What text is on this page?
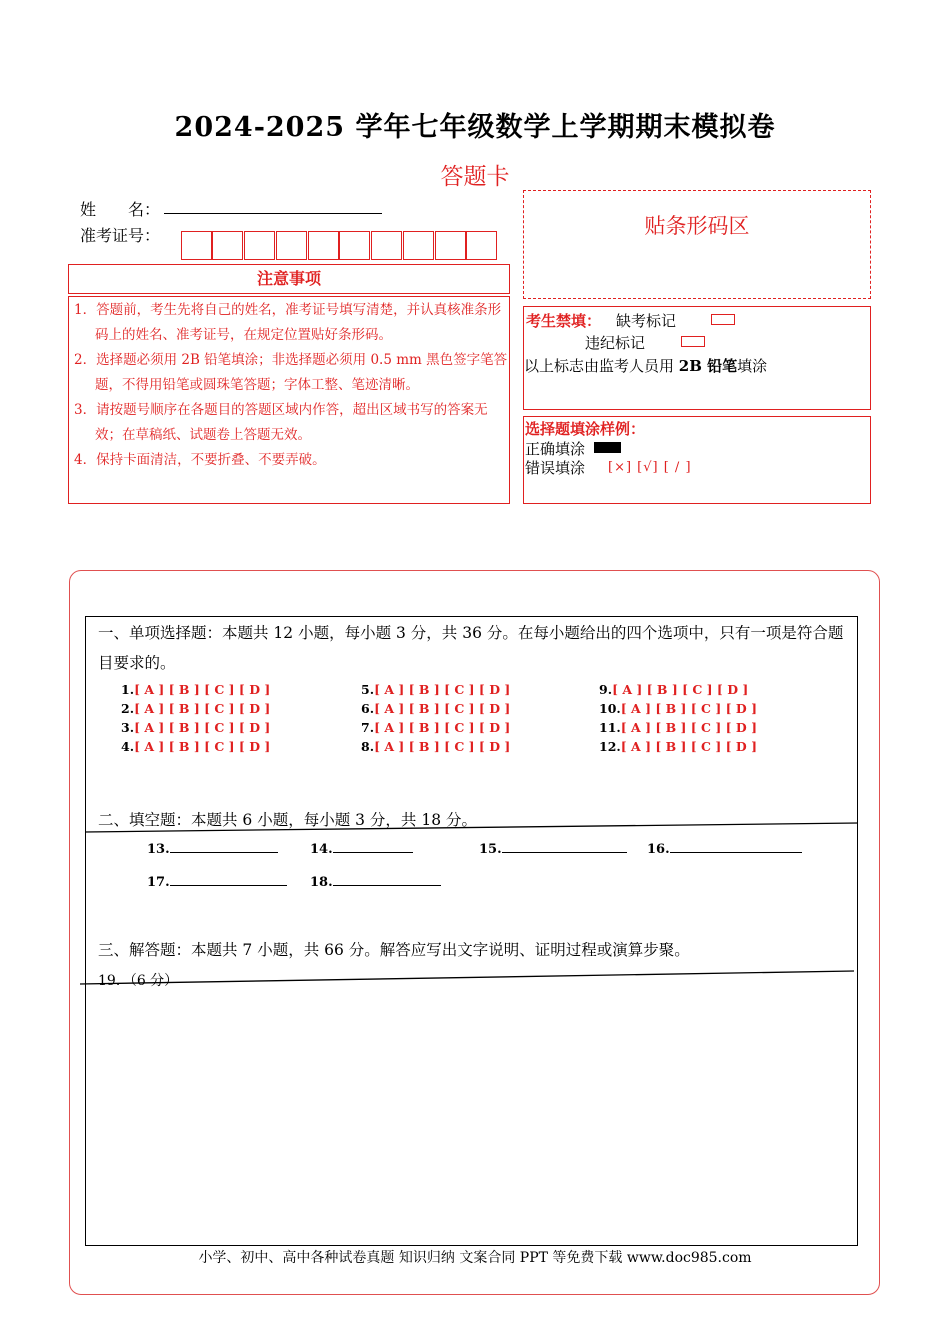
2024-2025 学年七年级数学上学期期末模拟卷
答题卡
姓　　名：
准考证号：	贴条形码区
注意事项
1．答题前，考生先将自己的姓名，准考证号填写清楚，并认真核准条形码上的姓名、准考证号，在规定位置贴好条形码。
2．选择题必须用 2B 铅笔填涂；非选择题必须用 0.5 mm 黑色签字笔答题，不得用铅笔或圆珠笔答题；字体工整、笔迹清晰。
3．请按题号顺序在各题目的答题区域内作答，超出区域书写的答案无效；在草稿纸、试题卷上答题无效。
4．保持卡面清洁，不要折叠、不要弄破。
考生禁填： 缺考标记
违纪标记
以上标志由监考人员用 2B 铅笔填涂
选择题填涂样例：
正确填涂
错误填涂 [×] [√] [ / ]
一、单项选择题：本题共 12 小题，每小题 3 分，共 36 分。在每小题给出的四个选项中，只有一项是符合题目要求的。
1.[ A ] [ B ] [ C ] [ D ]
2.[ A ] [ B ] [ C ] [ D ]
3.[ A ] [ B ] [ C ] [ D ]
4.[ A ] [ B ] [ C ] [ D ]
5.[ A ] [ B ] [ C ] [ D ]
6.[ A ] [ B ] [ C ] [ D ]
7.[ A ] [ B ] [ C ] [ D ]
8.[ A ] [ B ] [ C ] [ D ]
9.[ A ] [ B ] [ C ] [ D ]
10.[ A ] [ B ] [ C ] [ D ]
11.[ A ] [ B ] [ C ] [ D ]
12.[ A ] [ B ] [ C ] [ D ]
二、填空题：本题共 6 小题，每小题 3 分，共 18 分。
13.	14.	15.	16.
17.	18.
三、解答题：本题共 7 小题，共 66 分。解答应写出文字说明、证明过程或演算步聚。
19．（6 分）
小学、初中、高中各种试卷真题 知识归纳 文案合同 PPT 等免费下载 www.doc985.com
